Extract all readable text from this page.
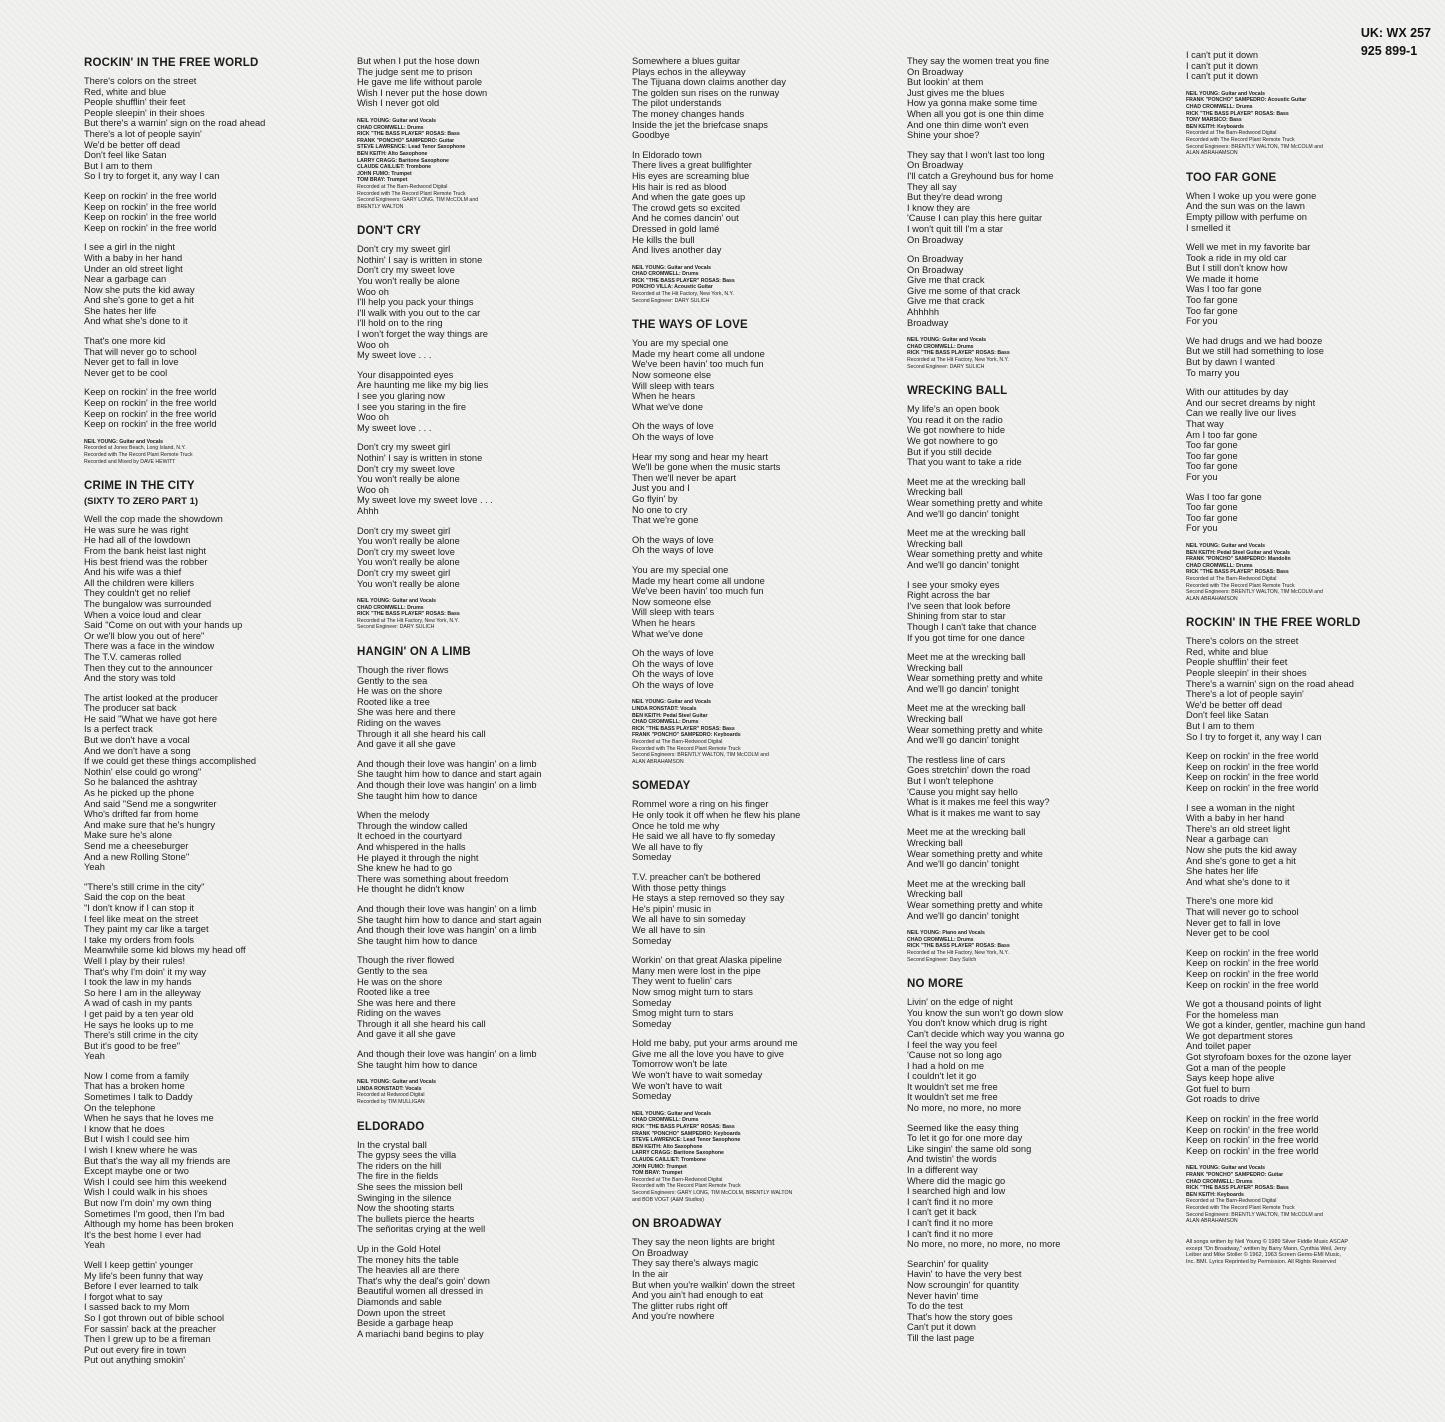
UK: WX 257
925 899-1
ROCKIN' IN THE FREE WORLD
There's colors on the street
Red, white and blue
People shufflin' their feet
People sleepin' in their shoes
But there's a warnin' sign on the road ahead
There's a lot of people sayin'
We'd be better off dead
Don't feel like Satan
But I am to them
So I try to forget it, any way I can
Keep on rockin' in the free world
Keep on rockin' in the free world
Keep on rockin' in the free world
Keep on rockin' in the free world
I see a girl in the night
With a baby in her hand
Under an old street light
Near a garbage can
Now she puts the kid away
And she's gone to get a hit
She hates her life
And what she's done to it
That's one more kid
That will never go to school
Never get to fall in love
Never get to be cool
Keep on rockin' in the free world
Keep on rockin' in the free world
Keep on rockin' in the free world
Keep on rockin' in the free world
NEIL YOUNG: Guitar and Vocals
Recorded at Jones Beach, Long Island, N.Y.
Recorded with The Record Plant Remote Truck
Recorded and Mixed by DAVE HEWITT
CRIME IN THE CITY
(SIXTY TO ZERO PART 1)
Well the cop made the showdown
He was sure he was right
He had all of the lowdown
From the bank heist last night
His best friend was the robber
And his wife was a thief
All the children were killers
They couldn't get no relief
The bungalow was surrounded
When a voice loud and clear
Said "Come on out with your hands up
Or we'll blow you out of here"
There was a face in the window
The T.V. cameras rolled
Then they cut to the announcer
And the story was told
The artist looked at the producer
The producer sat back
He said "What we have got here
Is a perfect track
But we don't have a vocal
And we don't have a song
If we could get these things accomplished
Nothin' else could go wrong"
So he balanced the ashtray
As he picked up the phone
And said "Send me a songwriter
Who's drifted far from home
And make sure that he's hungry
Make sure he's alone
Send me a cheeseburger
And a new Rolling Stone"
Yeah
"There's still crime in the city"
Said the cop on the beat
"I don't know if I can stop it
I feel like meat on the street
They paint my car like a target
I take my orders from fools
Meanwhile some kid blows my head off
Well I play by their rules!
That's why I'm doin' it my way
I took the law in my hands
So here I am in the alleyway
A wad of cash in my pants
I get paid by a ten year old
He says he looks up to me
There's still crime in the city
But it's good to be free"
Yeah
Now I come from a family
That has a broken home
Sometimes I talk to Daddy
On the telephone
When he says that he loves me
I know that he does
But I wish I could see him
I wish I knew where he was
But that's the way all my friends are
Except maybe one or two
Wish I could see him this weekend
Wish I could walk in his shoes
But now I'm doin' my own thing
Sometimes I'm good, then I'm bad
Although my home has been broken
It's the best home I ever had
Yeah
Well I keep gettin' younger
My life's been funny that way
Before I ever learned to talk
I forgot what to say
I sassed back to my Mom
So I got thrown out of bible school
For sassin' back at the preacher
Then I grew up to be a fireman
Put out every fire in town
Put out anything smokin'
But when I put the hose down
The judge sent me to prison
He gave me life without parole
Wish I never put the hose down
Wish I never got old
NEIL YOUNG: Guitar and Vocals
CHAD CROMWELL: Drums
RICK "THE BASS PLAYER" ROSAS: Bass
FRANK "PONCHO" SAMPEDRO: Guitar
STEVE LAWRENCE: Lead Tenor Saxophone
BEN KEITH: Alto Saxophone
LARRY CRAGG: Baritone Saxophone
CLAUDE CAILLIET: Trombone
JOHN FUMO: Trumpet
TOM BRAY: Trumpet
Recorded at The Barn-Redwood Digital
Recorded with The Record Plant Remote Truck
Second Engineers: GARY LONG, TIM McCOLM and
BRENTLY WALTON
DON'T CRY
Don't cry my sweet girl
Nothin' I say is written in stone
Don't cry my sweet love
You won't really be alone
Woo oh
I'll help you pack your things
I'll walk with you out to the car
I'll hold on to the ring
I won't forget the way things are
Woo oh
My sweet love . . .
Your disappointed eyes
Are haunting me like my big lies
I see you glaring now
I see you staring in the fire
Woo oh
My sweet love . . .
Don't cry my sweet girl
Nothin' I say is written in stone
Don't cry my sweet love
You won't really be alone
Woo oh
My sweet love my sweet love . . .
Ahhh
Don't cry my sweet girl
You won't really be alone
Don't cry my sweet love
You won't really be alone
Don't cry my sweet girl
You won't really be alone
NEIL YOUNG: Guitar and Vocals
CHAD CROMWELL: Drums
RICK "THE BASS PLAYER" ROSAS: Bass
Recorded at The Hit Factory, New York, N.Y.
Second Engineer: DARY SULICH
HANGIN' ON A LIMB
Though the river flows
Gently to the sea
He was on the shore
Rooted like a tree
She was here and there
Riding on the waves
Through it all she heard his call
And gave it all she gave
And though their love was hangin' on a limb
She taught him how to dance and start again
And though their love was hangin' on a limb
She taught him how to dance
When the melody
Through the window called
It echoed in the courtyard
And whispered in the halls
He played it through the night
She knew he had to go
There was something about freedom
He thought he didn't know
And though their love was hangin' on a limb
She taught him how to dance and start again
And though their love was hangin' on a limb
She taught him how to dance
Though the river flowed
Gently to the sea
He was on the shore
Rooted like a tree
She was here and there
Riding on the waves
Through it all she heard his call
And gave it all she gave
And though their love was hangin' on a limb
She taught him how to dance
NEIL YOUNG: Guitar and Vocals
LINDA RONSTADT: Vocals
Recorded at Redwood Digital
Recorded by TIM MULLIGAN
ELDORADO
In the crystal ball
The gypsy sees the villa
The riders on the hill
The fire in the fields
She sees the mission bell
Swinging in the silence
Now the shooting starts
The bullets pierce the hearts
The señoritas crying at the well
Up in the Gold Hotel
The money hits the table
The heavies all are there
That's why the deal's goin' down
Beautiful women all dressed in
Diamonds and sable
Down upon the street
Beside a garbage heap
A mariachi band begins to play
Somewhere a blues guitar
Plays echos in the alleyway
The Tijuana down claims another day
The golden sun rises on the runway
The pilot understands
The money changes hands
Inside the jet the briefcase snaps
Goodbye
In Eldorado town
There lives a great bullfighter
His eyes are screaming blue
His hair is red as blood
And when the gate goes up
The crowd gets so excited
And he comes dancin' out
Dressed in gold lamé
He kills the bull
And lives another day
NEIL YOUNG: Guitar and Vocals
CHAD CROMWELL: Drums
RICK "THE BASS PLAYER" ROSAS: Bass
PONCHO VILLA: Acoustic Guitar
Recorded at The Hit Factory, New York, N.Y.
Second Engineer: DARY SULICH
THE WAYS OF LOVE
You are my special one
Made my heart come all undone
We've been havin' too much fun
Now someone else
Will sleep with tears
When he hears
What we've done
Oh the ways of love
Oh the ways of love
Hear my song and hear my heart
We'll be gone when the music starts
Then we'll never be apart
Just you and I
Go flyin' by
No one to cry
That we're gone
Oh the ways of love
Oh the ways of love
You are my special one
Made my heart come all undone
We've been havin' too much fun
Now someone else
Will sleep with tears
When he hears
What we've done
Oh the ways of love
Oh the ways of love
Oh the ways of love
Oh the ways of love
NEIL YOUNG: Guitar and Vocals
LINDA RONSTADT: Vocals
BEN KEITH: Pedal Steel Guitar
CHAD CROMWELL: Drums
RICK "THE BASS PLAYER" ROSAS: Bass
FRANK "PONCHO" SAMPEDRO: Keyboards
Recorded at The Barn-Redwood Digital
Recorded with The Record Plant Remote Truck
Second Engineers: BRENTLY WALTON, TIM McCOLM and
ALAN ABRAHAMSON
SOMEDAY
Rommel wore a ring on his finger
He only took it off when he flew his plane
Once he told me why
He said we all have to fly someday
We all have to fly
Someday
T.V. preacher can't be bothered
With those petty things
He stays a step removed so they say
He's pipin' music in
We all have to sin someday
We all have to sin
Someday
Workin' on that great Alaska pipeline
Many men were lost in the pipe
They went to fuelin' cars
Now smog might turn to stars
Someday
Smog might turn to stars
Someday
Hold me baby, put your arms around me
Give me all the love you have to give
Tomorrow won't be late
We won't have to wait someday
We won't have to wait
Someday
NEIL YOUNG: Guitar and Vocals
CHAD CROMWELL: Drums
RICK "THE BASS PLAYER" ROSAS: Bass
FRANK "PONCHO" SAMPEDRO: Keyboards
STEVE LAWRENCE: Lead Tenor Saxophone
BEN KEITH: Alto Saxophone
LARRY CRAGG: Baritone Saxophone
CLAUDE CAILLIET: Trombone
JOHN FUMO: Trumpet
TOM BRAY: Trumpet
Recorded at The Barn-Redwood Digital
Recorded with The Record Plant Remote Truck
Second Engineers: GARY LONG, TIM McCOLM, BRENTLY WALTON
and BOB VOGT (A&M Studios)
ON BROADWAY
They say the neon lights are bright
On Broadway
They say there's always magic
In the air
But when you're walkin' down the street
And you ain't had enough to eat
The glitter rubs right off
And you're nowhere
They say the women treat you fine
On Broadway
But lookin' at them
Just gives me the blues
How ya gonna make some time
When all you got is one thin dime
And one thin dime won't even
Shine your shoe?
They say that I won't last too long
On Broadway
I'll catch a Greyhound bus for home
They all say
But they're dead wrong
I know they are
'Cause I can play this here guitar
I won't quit till I'm a star
On Broadway
On Broadway
On Broadway
Give me that crack
Give me some of that crack
Give me that crack
Ahhhhh
Broadway
NEIL YOUNG: Guitar and Vocals
CHAD CROMWELL: Drums
RICK "THE BASS PLAYER" ROSAS: Bass
Recorded at The Hit Factory, New York, N.Y.
Second Engineer: DARY SULICH
WRECKING BALL
My life's an open book
You read it on the radio
We got nowhere to hide
We got nowhere to go
But if you still decide
That you want to take a ride
Meet me at the wrecking ball
Wrecking ball
Wear something pretty and white
And we'll go dancin' tonight
Meet me at the wrecking ball
Wrecking ball
Wear something pretty and white
And we'll go dancin' tonight
I see your smoky eyes
Right across the bar
I've seen that look before
Shining from star to star
Though I can't take that chance
If you got time for one dance
Meet me at the wrecking ball
Wrecking ball
Wear something pretty and white
And we'll go dancin' tonight
Meet me at the wrecking ball
Wrecking ball
Wear something pretty and white
And we'll go dancin' tonight
The restless line of cars
Goes stretchin' down the road
But I won't telephone
'Cause you might say hello
What is it makes me feel this way?
What is it makes me want to say
Meet me at the wrecking ball
Wrecking ball
Wear something pretty and white
And we'll go dancin' tonight
Meet me at the wrecking ball
Wrecking ball
Wear something pretty and white
And we'll go dancin' tonight
NEIL YOUNG: Piano and Vocals
CHAD CROMWELL: Drums
RICK "THE BASS PLAYER" ROSAS: Bass
Recorded at The Hit Factory, New York, N.Y.
Second Engineer: Dary Sulich
NO MORE
Livin' on the edge of night
You know the sun won't go down slow
You don't know which drug is right
Can't decide which way you wanna go
I feel the way you feel
'Cause not so long ago
I had a hold on me
I couldn't let it go
It wouldn't set me free
It wouldn't set me free
No more, no more, no more
Seemed like the easy thing
To let it go for one more day
Like singin' the same old song
And twistin' the words
In a different way
Where did the magic go
I searched high and low
I can't find it no more
I can't get it back
I can't find it no more
I can't find it no more
No more, no more, no more, no more
Searchin' for quality
Havin' to have the very best
Now scroungin' for quantity
Never havin' time
To do the test
That's how the story goes
Can't put it down
Till the last page
I can't put it down
I can't put it down
I can't put it down
NEIL YOUNG: Guitar and Vocals
FRANK "PONCHO" SAMPEDRO: Acoustic Guitar
CHAD CROMWELL: Drums
RICK "THE BASS PLAYER" ROSAS: Bass
TONY MARSICO: Bass
BEN KEITH: Keyboards
Recorded at The Barn-Redwood Digital
Recorded with The Record Plant Remote Truck
Second Engineers: BRENTLY WALTON, TIM McCOLM and
ALAN ABRAHAMSON
TOO FAR GONE
When I woke up you were gone
And the sun was on the lawn
Empty pillow with perfume on
I smelled it
Well we met in my favorite bar
Took a ride in my old car
But I still don't know how
We made it home
Was I too far gone
Too far gone
Too far gone
For you
We had drugs and we had booze
But we still had something to lose
But by dawn I wanted
To marry you
With our attitudes by day
And our secret dreams by night
Can we really live our lives
That way
Am I too far gone
Too far gone
Too far gone
Too far gone
For you
Was I too far gone
Too far gone
Too far gone
For you
NEIL YOUNG: Guitar and Vocals
BEN KEITH: Pedal Steel Guitar and Vocals
FRANK "PONCHO" SAMPEDRO: Mandolin
CHAD CROMWELL: Drums
RICK "THE BASS PLAYER" ROSAS: Bass
Recorded at The Barn-Redwood Digital
Recorded with The Record Plant Remote Truck
Second Engineers: BRENTLY WALTON, TIM McCOLM and
ALAN ABRAHAMSON
ROCKIN' IN THE FREE WORLD
There's colors on the street
Red, white and blue
People shufflin' their feet
People sleepin' in their shoes
There's a warnin' sign on the road ahead
There's a lot of people sayin'
We'd be better off dead
Don't feel like Satan
But I am to them
So I try to forget it, any way I can
Keep on rockin' in the free world
Keep on rockin' in the free world
Keep on rockin' in the free world
Keep on rockin' in the free world
I see a woman in the night
With a baby in her hand
There's an old street light
Near a garbage can
Now she puts the kid away
And she's gone to get a hit
She hates her life
And what she's done to it
There's one more kid
That will never go to school
Never get to fall in love
Never get to be cool
Keep on rockin' in the free world
Keep on rockin' in the free world
Keep on rockin' in the free world
Keep on rockin' in the free world
We got a thousand points of light
For the homeless man
We got a kinder, gentler, machine gun hand
We got department stores
And toilet paper
Got styrofoam boxes for the ozone layer
Got a man of the people
Says keep hope alive
Got fuel to burn
Got roads to drive
Keep on rockin' in the free world
Keep on rockin' in the free world
Keep on rockin' in the free world
Keep on rockin' in the free world
NEIL YOUNG: Guitar and Vocals
FRANK "PONCHO" SAMPEDRO: Guitar
CHAD CROMWELL: Drums
RICK "THE BASS PLAYER" ROSAS: Bass
BEN KEITH: Keyboards
Recorded at The Barn-Redwood Digital
Recorded with The Record Plant Remote Truck
Second Engineers: BRENTLY WALTON, TIM McCOLM and
ALAN ABRAHAMSON
All songs written by Neil Young © 1989 Silver Fiddle Music ASCAP
except "On Broadway," written by Barry Mann, Cynthia Weil, Jerry
Leiber and Mike Stoller © 1962, 1963 Screen Gems-EMI Music,
Inc. BMI. Lyrics Reprinted by Permission. All Rights Reserved
